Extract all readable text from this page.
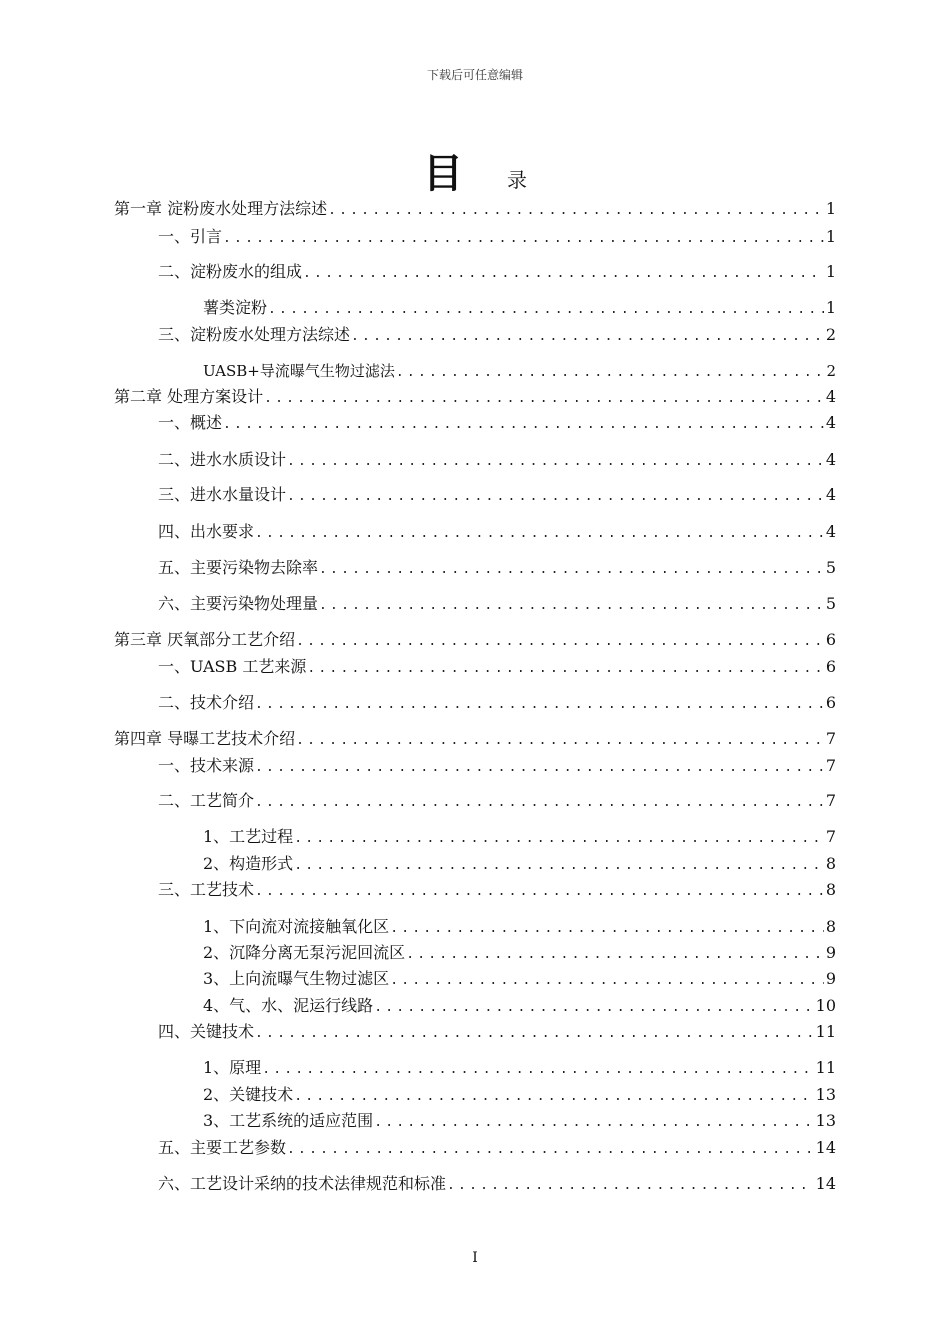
下载后可任意编辑
目 录
第一章 淀粉废水处理方法综述 .....	1
一、引言 .....	1
二、淀粉废水的组成 .....	1
薯类淀粉 .....	1
三、淀粉废水处理方法综述 .....	2
UASB+导流曝气生物过滤法 .....	2
第二章 处理方案设计 .....	4
一、概述 .....	4
二、进水水质设计 .....	4
三、进水水量设计 .....	4
四、出水要求 .....	4
五、主要污染物去除率 .....	5
六、主要污染物处理量 .....	5
第三章 厌氧部分工艺介绍 .....	6
一、UASB 工艺来源 .....	6
二、技术介绍 .....	6
第四章 导曝工艺技术介绍 .....	7
一、技术来源 .....	7
二、工艺简介 .....	7
1、工艺过程 .....	7
2、构造形式 .....	8
三、工艺技术 .....	8
1、下向流对流接触氧化区 .....	8
2、沉降分离无泵污泥回流区 .....	9
3、上向流曝气生物过滤区 .....	9
4、气、水、泥运行线路 .....	10
四、关键技术 .....	11
1、原理 .....	11
2、关键技术 .....	13
3、工艺系统的适应范围 .....	13
五、主要工艺参数 .....	14
六、工艺设计采纳的技术法律规范和标准 .....	14
I
